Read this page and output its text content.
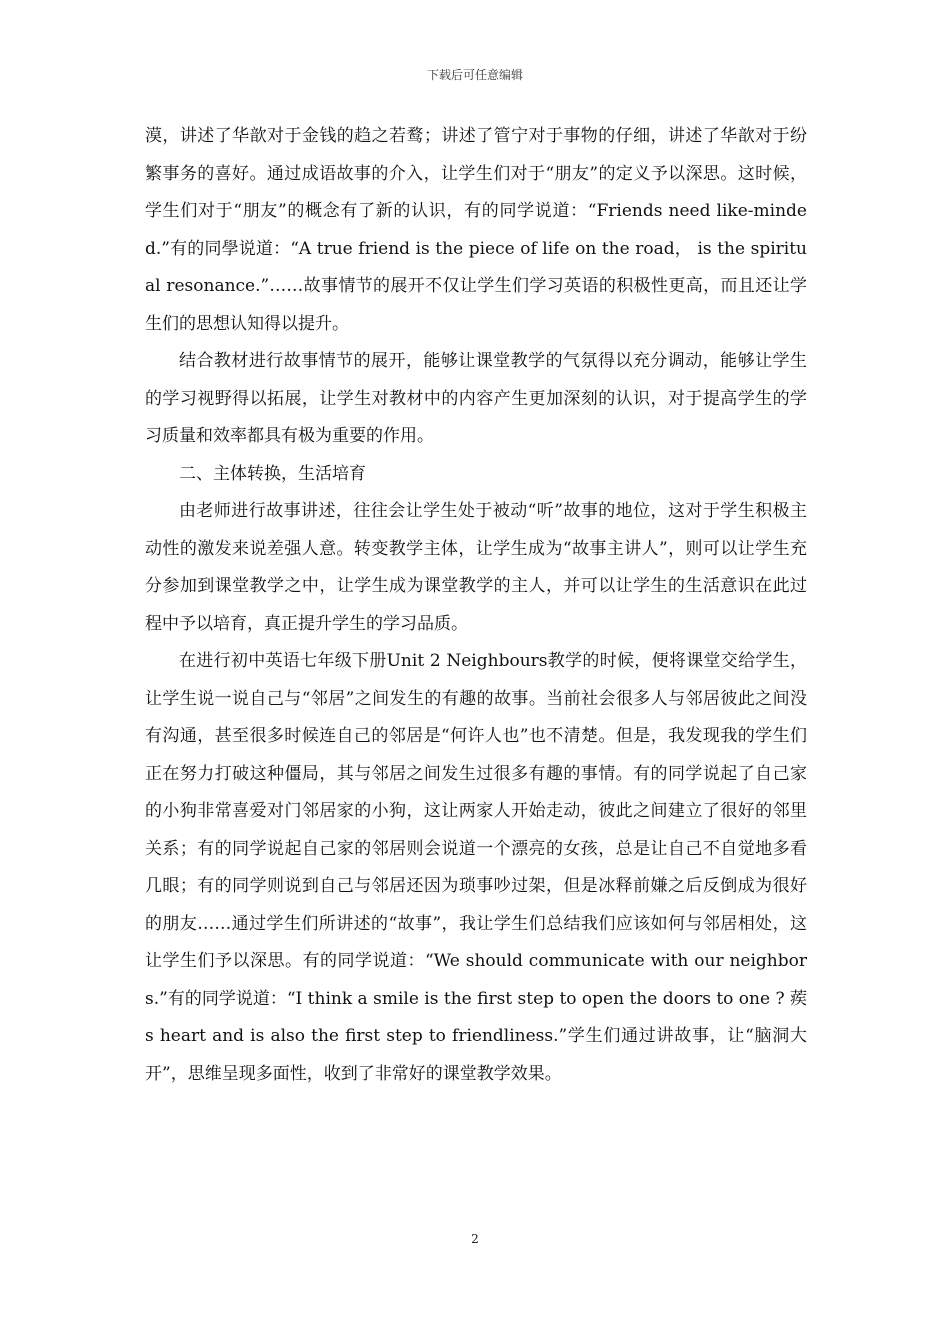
下载后可任意编辑

漠，讲述了华歆对于金钱的趋之若鹜；讲述了管宁对于事物的仔细，讲述了华歆对于纷繁事务的喜好。通过成语故事的介入，让学生们对于“朋友”的定义予以深思。这时候，学生们对于“朋友”的概念有了新的认识，有的同学说道：“Friends need like-minded.”有的同學说道：“A true friend is the piece of life on the road， is the spiritual resonance.”……故事情节的展开不仅让学生们学习英语的积极性更高，而且还让学生们的思想认知得以提升。

结合教材进行故事情节的展开，能够让课堂教学的气氛得以充分调动，能够让学生的学习视野得以拓展，让学生对教材中的内容产生更加深刻的认识，对于提高学生的学习质量和效率都具有极为重要的作用。

二、主体转换，生活培育

由老师进行故事讲述，往往会让学生处于被动“听”故事的地位，这对于学生积极主动性的激发来说差强人意。转变教学主体，让学生成为“故事主讲人”，则可以让学生充分参加到课堂教学之中，让学生成为课堂教学的主人，并可以让学生的生活意识在此过程中予以培育，真正提升学生的学习品质。

在进行初中英语七年级下册Unit 2 Neighbours教学的时候，便将课堂交给学生，让学生说一说自己与“邻居”之间发生的有趣的故事。当前社会很多人与邻居彼此之间没有沟通，甚至很多时候连自己的邻居是“何许人也”也不清楚。但是，我发现我的学生们正在努力打破这种僵局，其与邻居之间发生过很多有趣的事情。有的同学说起了自己家的小狗非常喜爱对门邻居家的小狗，这让两家人开始走动，彼此之间建立了很好的邻里关系；有的同学说起自己家的邻居则会说道一个漂亮的女孩，总是让自己不自觉地多看几眼；有的同学则说到自己与邻居还因为琐事吵过架，但是冰释前嫌之后反倒成为很好的朋友……通过学生们所讲述的“故事”，我让学生们总结我们应该如何与邻居相处，这让学生们予以深思。有的同学说道：“We should communicate with our neighbors.”有的同学说道：“I think a smile is the first step to open the doors to one ? 蒺 s heart and is also the first step to friendliness.”学生们通过讲故事，让“脑洞大开”，思维呈现多面性，收到了非常好的课堂教学效果。

2
